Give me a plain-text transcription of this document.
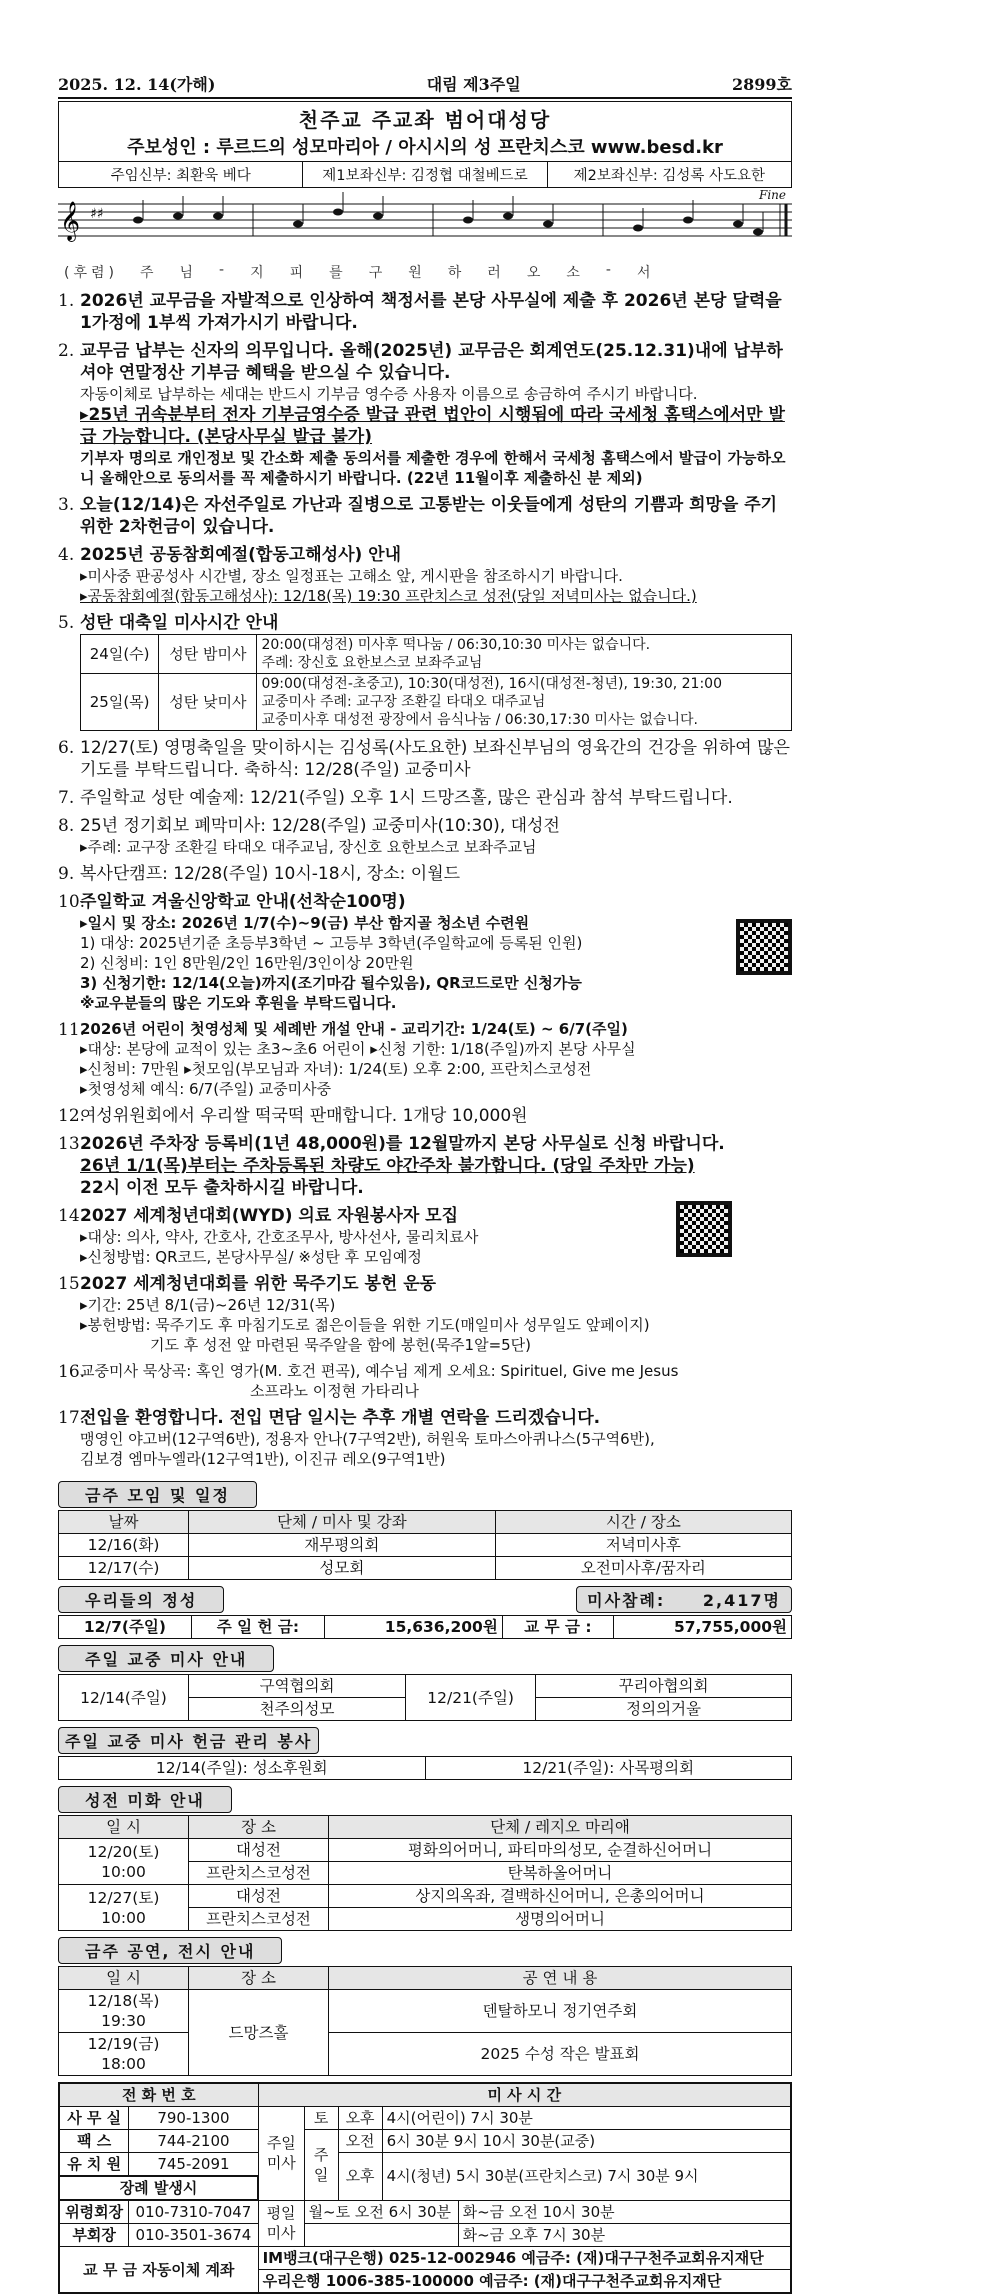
2025. 12. 14(가해)	대림 제3주일	2899호
천주교 주교좌 범어대성당
주보성인 : 루르드의 성모마리아 / 아시시의 성 프란치스코 www.besd.kr
주임신부: 최환욱 베다	제1보좌신부: 김정협 대철베드로	제2보좌신부: 김성록 사도요한
𝄞 ♯♯
Fine
(후렴) 주 님 - 지 피 를 구 원 하 러 오 소 - 서
1. 2026년 교무금을 자발적으로 인상하여 책정서를 본당 사무실에 제출 후 2026년 본당 달력을 1가정에 1부씩 가져가시기 바랍니다.
2. 교무금 납부는 신자의 의무입니다. 올해(2025년) 교무금은 회계연도(25.12.31)내에 납부하셔야 연말정산 기부금 혜택을 받으실 수 있습니다.
자동이체로 납부하는 세대는 반드시 기부금 영수증 사용자 이름으로 송금하여 주시기 바랍니다.
▸25년 귀속분부터 전자 기부금영수증 발급 관련 법안이 시행됨에 따라 국세청 홈택스에서만 발급 가능합니다. (본당사무실 발급 불가)
기부자 명의로 개인정보 및 간소화 제출 동의서를 제출한 경우에 한해서 국세청 홈택스에서 발급이 가능하오니 올해안으로 동의서를 꼭 제출하시기 바랍니다. (22년 11월이후 제출하신 분 제외)
3. 오늘(12/14)은 자선주일로 가난과 질병으로 고통받는 이웃들에게 성탄의 기쁨과 희망을 주기 위한 2차헌금이 있습니다.
4. 2025년 공동참회예절(합동고해성사) 안내
▸미사중 판공성사 시간별, 장소 일정표는 고해소 앞, 게시판을 참조하시기 바랍니다.
▸공동참회예절(합동고해성사): 12/18(목) 19:30 프란치스코 성전(당일 저녁미사는 없습니다.)
5. 성탄 대축일 미사시간 안내
24일(수)	성탄 밤미사	20:00(대성전) 미사후 떡나눔 / 06:30,10:30 미사는 없습니다.
주례: 장신호 요한보스코 보좌주교님

25일(목)	성탄 낮미사	09:00(대성전-초중고), 10:30(대성전), 16시(대성전-청년), 19:30, 21:00
교중미사 주례: 교구장 조환길 타대오 대주교님
교중미사후 대성전 광장에서 음식나눔 / 06:30,17:30 미사는 없습니다.
6. 12/27(토) 영명축일을 맞이하시는 김성록(사도요한) 보좌신부님의 영육간의 건강을 위하여 많은 기도를 부탁드립니다. 축하식: 12/28(주일) 교중미사
7. 주일학교 성탄 예술제: 12/21(주일) 오후 1시 드망즈홀, 많은 관심과 참석 부탁드립니다.
8. 25년 정기회보 폐막미사: 12/28(주일) 교중미사(10:30), 대성전
▸주례: 교구장 조환길 타대오 대주교님, 장신호 요한보스코 보좌주교님
9. 복사단캠프: 12/28(주일) 10시-18시, 장소: 이월드
10.
주일학교 겨울신앙학교 안내(선착순100명)
▸일시 및 장소: 2026년 1/7(수)~9(금) 부산 함지골 청소년 수련원
1) 대상: 2025년기준 초등부3학년 ~ 고등부 3학년(주일학교에 등록된 인원)
2) 신청비: 1인 8만원/2인 16만원/3인이상 20만원
3) 신청기한: 12/14(오늘)까지(조기마감 될수있음), QR코드로만 신청가능
※교우분들의 많은 기도와 후원을 부탁드립니다.
11.
2026년 어린이 첫영성체 및 세례반 개설 안내 - 교리기간: 1/24(토) ~ 6/7(주일)
▸대상: 본당에 교적이 있는 초3~초6 어린이 ▸신청 기한: 1/18(주일)까지 본당 사무실
▸신청비: 7만원 ▸첫모임(부모님과 자녀): 1/24(토) 오후 2:00, 프란치스코성전
▸첫영성체 예식: 6/7(주일) 교중미사중
12.
여성위원회에서 우리쌀 떡국떡 판매합니다. 1개당 10,000원
13.
2026년 주차장 등록비(1년 48,000원)를 12월말까지 본당 사무실로 신청 바랍니다.
26년 1/1(목)부터는 주차등록된 차량도 야간주차 불가합니다. (당일 주차만 가능)
22시 이전 모두 출차하시길 바랍니다.
14.
2027 세계청년대회(WYD) 의료 자원봉사자 모집
▸대상: 의사, 약사, 간호사, 간호조무사, 방사선사, 물리치료사
▸신청방법: QR코드, 본당사무실/ ※성탄 후 모임예정
15.
2027 세계청년대회를 위한 묵주기도 봉헌 운동
▸기간: 25년 8/1(금)~26년 12/31(목)
▸봉헌방법: 묵주기도 후 마침기도로 젊은이들을 위한 기도(매일미사 성무일도 앞페이지)
기도 후 성전 앞 마련된 묵주알을 함에 봉헌(묵주1알=5단)
16.
교중미사 묵상곡: 혹인 영가(M. 호건 편곡), 예수님 제게 오세요: Spirituel, Give me Jesus
소프라노 이정현 가타리나
17.
전입을 환영합니다. 전입 면담 일시는 추후 개별 연락을 드리겠습니다.
맹영인 야고버(12구역6반), 정용자 안나(7구역2반), 허원욱 토마스아퀴나스(5구역6반),
김보경 엠마누엘라(12구역1반), 이진규 레오(9구역1반)
금주 모임 및 일정
날짜	단체 / 미사 및 강좌	시간 / 장소
12/16(화)	재무평의회	저녁미사후
12/17(수)	성모회	오전미사후/꿈자리
우리들의 정성	미사참례: 2,417명
12/7(주일)	주 일 헌 금:	15,636,200원	교 무 금 :	57,755,000원
주일 교중 미사 안내
12/14(주일)	구역협의회	12/21(주일)	꾸리아협의회
	천주의성모		정의의거울
주일 교중 미사 헌금 관리 봉사
12/14(주일): 성소후원회	12/21(주일): 사목평의회
성전 미화 안내
일 시	장 소	단체 / 레지오 마리애
12/20(토) 10:00	대성전	평화의어머니, 파티마의성모, 순결하신어머니
	프란치스코성전	탄복하올어머니
12/27(토) 10:00	대성전	상지의옥좌, 결백하신어머니, 은총의어머니
	프란치스코성전	생명의어머니
금주 공연, 전시 안내
일 시	장 소	공 연 내 용
12/18(목) 19:30	드망즈홀	덴탈하모니 정기연주회
12/19(금) 18:00		2025 수성 작은 발표회
전 화 번 호		미 사 시 간				
사 무 실	790-1300	주일 미사	토	오후	4시(어린이) 7시 30분	
팩 스	744-2100		주일	오전	6시 30분 9시 10시 30분(교중)	
유 치 원	745-2091			오후	4시(청년) 5시 30분(프란치스코) 7시 30분 9시	
장례 발생시						
위령회장	010-7310-7047	평일 미사	월~토 오전 6시 30분			화~금 오전 10시 30분
부회장	010-3501-3674					화~금 오후 7시 30분
교 무 금 자동이체 계좌		IM뱅크(대구은행) 025-12-002946 예금주: (재)대구구천주교회유지재단				
		우리은행 1006-385-100000 예금주: (재)대구구천주교회유지재단				
